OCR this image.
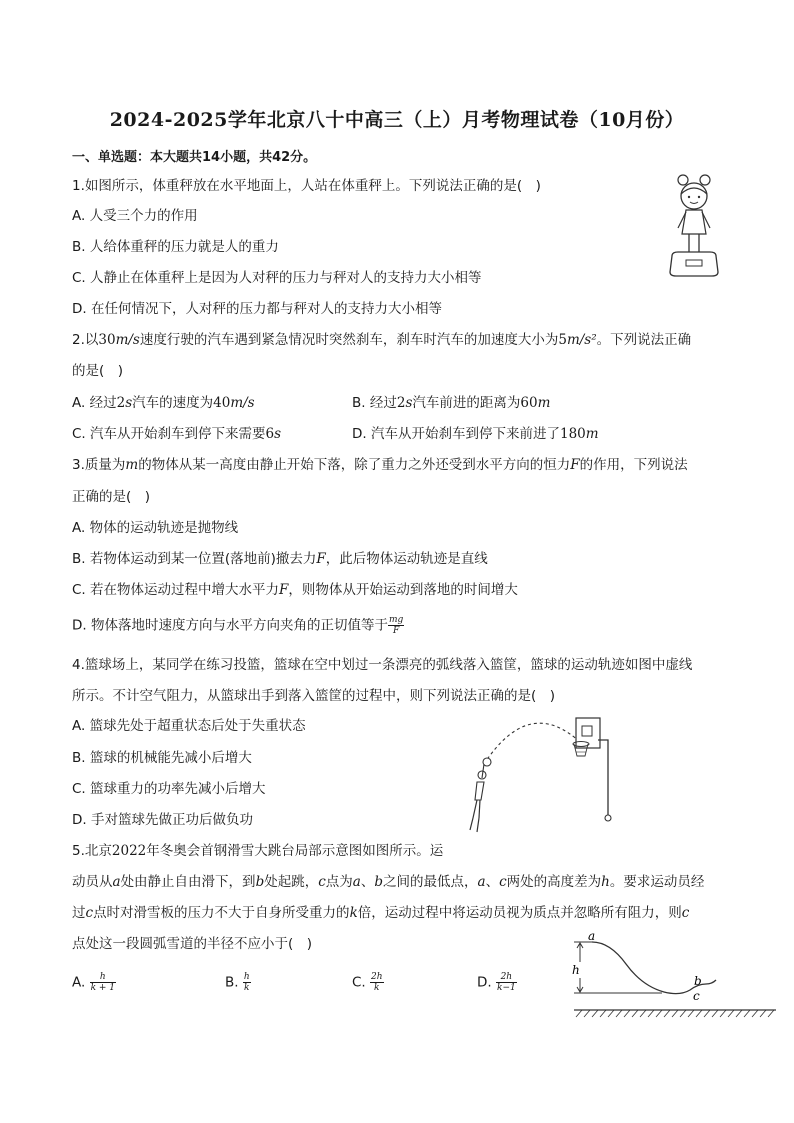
2024-2025学年北京八十中高三（上）月考物理试卷（10月份）
一、单选题：本大题共14小题，共42分。
1.如图所示，体重秤放在水平地面上，人站在体重秤上。下列说法正确的是(　)
A. 人受三个力的作用
B. 人给体重秤的压力就是人的重力
C. 人静止在体重秤上是因为人对秤的压力与秤对人的支持力大小相等
D. 在任何情况下，人对秤的压力都与秤对人的支持力大小相等
2.以30m/s速度行驶的汽车遇到紧急情况时突然刹车，刹车时汽车的加速度大小为5m/s²。下列说法正确
的是(　)
A. 经过2s汽车的速度为40m/s	B. 经过2s汽车前进的距离为60m
C. 汽车从开始刹车到停下来需要6s	D. 汽车从开始刹车到停下来前进了180m
3.质量为m的物体从某一高度由静止开始下落，除了重力之外还受到水平方向的恒力F的作用，下列说法
正确的是(　)
A. 物体的运动轨迹是抛物线
B. 若物体运动到某一位置(落地前)撤去力F，此后物体运动轨迹是直线
C. 若在物体运动过程中增大水平力F，则物体从开始运动到落地的时间增大
D. 物体落地时速度方向与水平方向夹角的正切值等于 $\frac{mg}{F}$
4.篮球场上，某同学在练习投篮，篮球在空中划过一条漂亮的弧线落入篮筐，篮球的运动轨迹如图中虚线
所示。不计空气阻力，从篮球出手到落入篮筐的过程中，则下列说法正确的是(　)
A. 篮球先处于超重状态后处于失重状态
B. 篮球的机械能先减小后增大
C. 篮球重力的功率先减小后增大
D. 手对篮球先做正功后做负功
5.北京2022年冬奥会首钢滑雪大跳台局部示意图如图所示。运
动员从a处由静止自由滑下，到b处起跳，c点为a、b之间的最低点，a、c两处的高度差为h。要求运动员经
过c点时对滑雪板的压力不大于自身所受重力的k倍，运动过程中将运动员视为质点并忽略所有阻力，则c
点处这一段圆弧雪道的半径不应小于(　)
A. $\frac{h}{k + 1}$	B. $\frac{h}{k}$	C. $\frac{2h}{k}$	D. $\frac{2h}{k-1}$
a
h
c
b
